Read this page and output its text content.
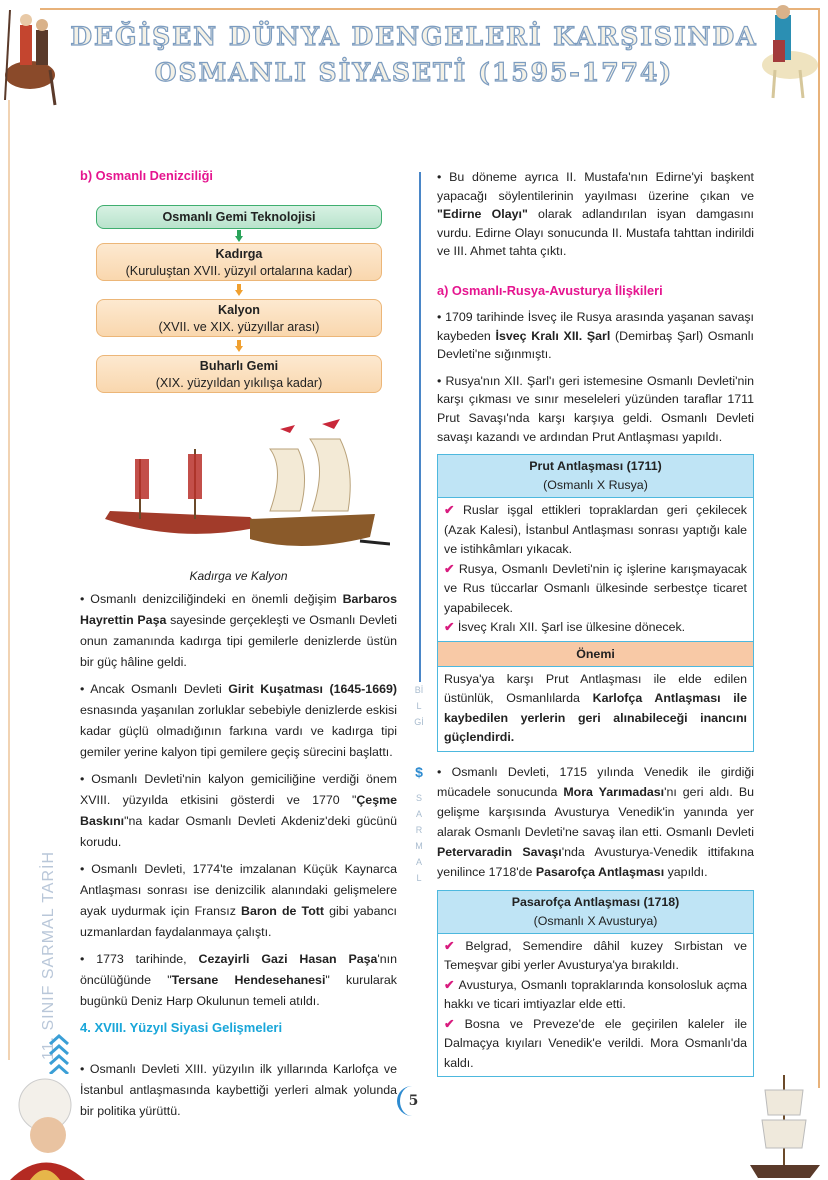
DEĞİŞEN DÜNYA DENGELERİ KARŞISINDA
OSMANLI SİYASETİ (1595-1774)
b) Osmanlı Denizciliği
Osmanlı Gemi Teknolojisi
Kadırga
(Kuruluştan XVII. yüzyıl ortalarına kadar)
Kalyon
(XVII. ve XIX. yüzyıllar arası)
Buharlı Gemi
(XIX. yüzyıldan yıkılışa kadar)
Kadırga ve Kalyon

• Osmanlı denizciliğindeki en önemli değişim Barbaros Hayrettin Paşa sayesinde gerçekleşti ve Osmanlı Devleti onun zamanında kadırga tipi gemilerle denizlerde üstün bir güç hâline geldi.

• Ancak Osmanlı Devleti Girit Kuşatması (1645-1669) esnasında yaşanılan zorluklar sebebiyle denizlerde eskisi kadar güçlü olmadığının farkına vardı ve kadırga tipi gemiler yerine kalyon tipi gemilere geçiş sürecini başlattı.

• Osmanlı Devleti'nin kalyon gemiciliğine verdiği önem XVIII. yüzyılda etkisini gösterdi ve 1770 "Çeşme Baskını"na kadar Osmanlı Devleti Akdeniz'deki gücünü korudu.

• Osmanlı Devleti, 1774'te imzalanan Küçük Kaynarca Antlaşması sonrası ise denizcilik alanındaki gelişmelere ayak uydurmak için Fransız Baron de Tott gibi yabancı uzmanlardan faydalanmaya çalıştı.

• 1773 tarihinde, Cezayirli Gazi Hasan Paşa'nın öncülüğünde "Tersane Hendesehanesi" kurularak bugünkü Deniz Harp Okulunun temeli atıldı.

4. XVIII. Yüzyıl Siyasi Gelişmeleri

• Osmanlı Devleti XIII. yüzyılın ilk yıllarında Karlofça ve İstanbul antlaşmasında kaybettiği yerleri almak yolunda bir politika yürüttü.

11. SINIF SARMAL TARİH
BİLGİ
$
SARMAL

• Bu döneme ayrıca II. Mustafa'nın Edirne'yi başkent yapacağı söylentilerinin yayılması üzerine çıkan ve "Edirne Olayı" olarak adlandırılan isyan damgasını vurdu. Edirne Olayı sonucunda II. Mustafa tahttan indirildi ve III. Ahmet tahta çıktı.

a) Osmanlı-Rusya-Avusturya İlişkileri

• 1709 tarihinde İsveç ile Rusya arasında yaşanan savaşı kaybeden İsveç Kralı XII. Şarl (Demirbaş Şarl) Osmanlı Devleti'ne sığınmıştı.

• Rusya'nın XII. Şarl'ı geri istemesine Osmanlı Devleti'nin karşı çıkması ve sınır meseleleri yüzünden taraflar 1711 Prut Savaşı'nda karşı karşıya geldi. Osmanlı Devleti savaşı kazandı ve ardından Prut Antlaşması yapıldı.

Prut Antlaşması (1711)
(Osmanlı X Rusya)
✔ Ruslar işgal ettikleri topraklardan geri çekilecek (Azak Kalesi), İstanbul Antlaşması sonrası yaptığı kale ve istihkâmları yıkacak.
✔ Rusya, Osmanlı Devleti'nin iç işlerine karışmayacak ve Rus tüccarlar Osmanlı ülkesinde serbestçe ticaret yapabilecek.
✔ İsveç Kralı XII. Şarl ise ülkesine dönecek.
Önemi
Rusya'ya karşı Prut Antlaşması ile elde edilen üstünlük, Osmanlılarda Karlofça Antlaşması ile kaybedilen yerlerin geri alınabileceği inancını güçlendirdi.

• Osmanlı Devleti, 1715 yılında Venedik ile girdiği mücadele sonucunda Mora Yarımadası'nı geri aldı. Bu gelişme karşısında Avusturya Venedik'in yanında yer alarak Osmanlı Devleti'ne savaş ilan etti. Osmanlı Devleti Petervaradin Savaşı'nda Avusturya-Venedik ittifakına yenilince 1718'de Pasarofça Antlaşması yapıldı.

Pasarofça Antlaşması (1718)
(Osmanlı X Avusturya)
✔ Belgrad, Semendire dâhil kuzey Sırbistan ve Temeşvar gibi yerler Avusturya'ya bırakıldı.
✔ Avusturya, Osmanlı topraklarında konsolosluk açma hakkı ve ticari imtiyazlar elde etti.
✔ Bosna ve Preveze'de ele geçirilen kaleler ile Dalmaçya kıyıları Venedik'e verildi. Mora Osmanlı'da kaldı.
5
